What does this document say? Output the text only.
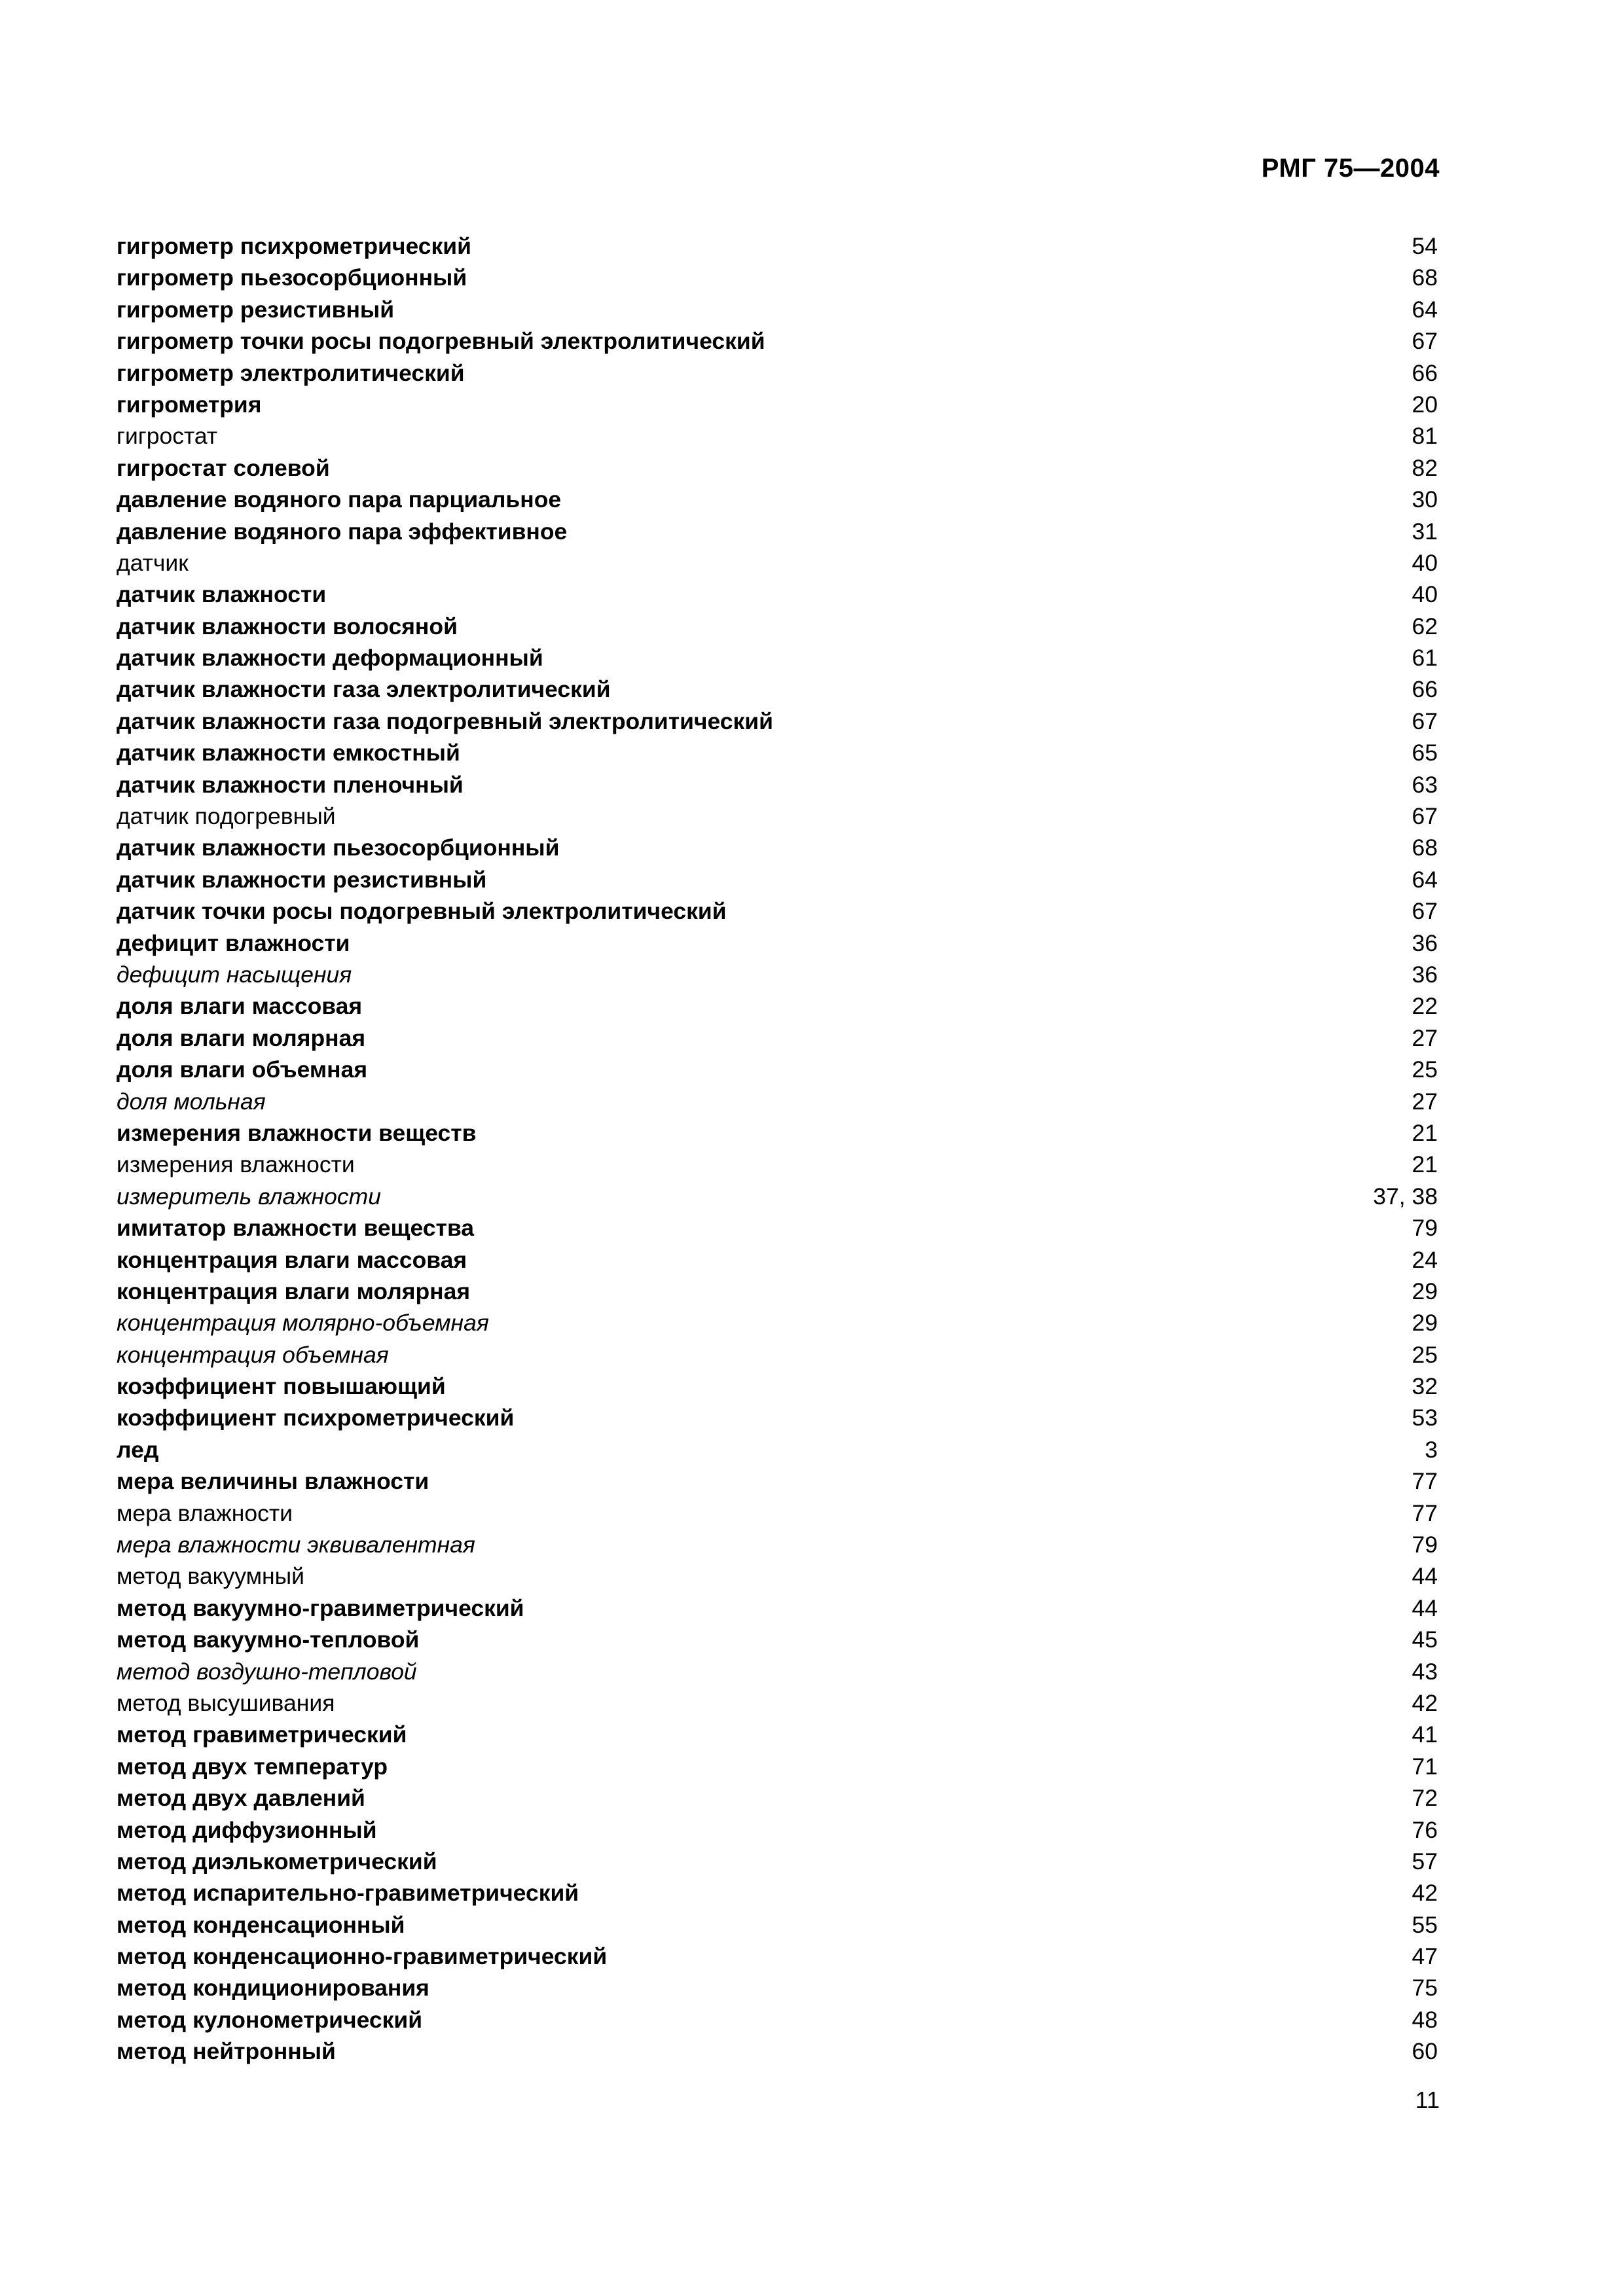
РМГ 75—2004
гигрометр психрометрический	54
гигрометр пьезосорбционный	68
гигрометр резистивный	64
гигрометр точки росы подогревный электролитический	67
гигрометр электролитический	66
гигрометрия	20
гигростат	81
гигростат солевой	82
давление водяного пара парциальное	30
давление водяного пара эффективное	31
датчик	40
датчик влажности	40
датчик влажности волосяной	62
датчик влажности деформационный	61
датчик влажности газа электролитический	66
датчик влажности газа подогревный электролитический	67
датчик влажности емкостный	65
датчик влажности пленочный	63
датчик подогревный	67
датчик влажности пьезосорбционный	68
датчик влажности резистивный	64
датчик точки росы подогревный электролитический	67
дефицит влажности	36
дефицит насыщения	36
доля влаги массовая	22
доля влаги молярная	27
доля влаги объемная	25
доля мольная	27
измерения влажности веществ	21
измерения влажности	21
измеритель влажности	37, 38
имитатор влажности вещества	79
концентрация влаги массовая	24
концентрация влаги молярная	29
концентрация молярно-объемная	29
концентрация объемная	25
коэффициент повышающий	32
коэффициент психрометрический	53
лед	3
мера величины влажности	77
мера влажности	77
мера влажности эквивалентная	79
метод вакуумный	44
метод вакуумно-гравиметрический	44
метод вакуумно-тепловой	45
метод воздушно-тепловой	43
метод высушивания	42
метод гравиметрический	41
метод двух температур	71
метод двух давлений	72
метод диффузионный	76
метод диэлькометрический	57
метод испарительно-гравиметрический	42
метод конденсационный	55
метод конденсационно-гравиметрический	47
метод кондиционирования	75
метод кулонометрический	48
метод нейтронный	60
11
